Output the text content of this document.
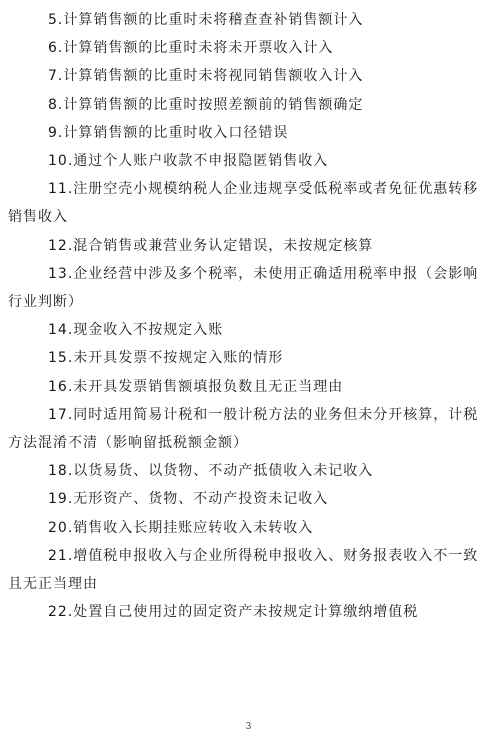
5.计算销售额的比重时未将稽查查补销售额计入

6.计算销售额的比重时未将未开票收入计入

7.计算销售额的比重时未将视同销售额收入计入

8.计算销售额的比重时按照差额前的销售额确定

9.计算销售额的比重时收入口径错误

10.通过个人账户收款不申报隐匿销售收入

11.注册空壳小规模纳税人企业违规享受低税率或者免征优惠转移销售收入

12.混合销售或兼营业务认定错误，未按规定核算

13.企业经营中涉及多个税率，未使用正确适用税率申报（会影响行业判断）

14.现金收入不按规定入账

15.未开具发票不按规定入账的情形

16.未开具发票销售额填报负数且无正当理由

17.同时适用简易计税和一般计税方法的业务但未分开核算，计税方法混淆不清（影响留抵税额金额）

18.以货易货、以货物、不动产抵债收入未记收入

19.无形资产、货物、不动产投资未记收入

20.销售收入长期挂账应转收入未转收入

21.增值税申报收入与企业所得税申报收入、财务报表收入不一致且无正当理由

22.处置自己使用过的固定资产未按规定计算缴纳增值税

3
